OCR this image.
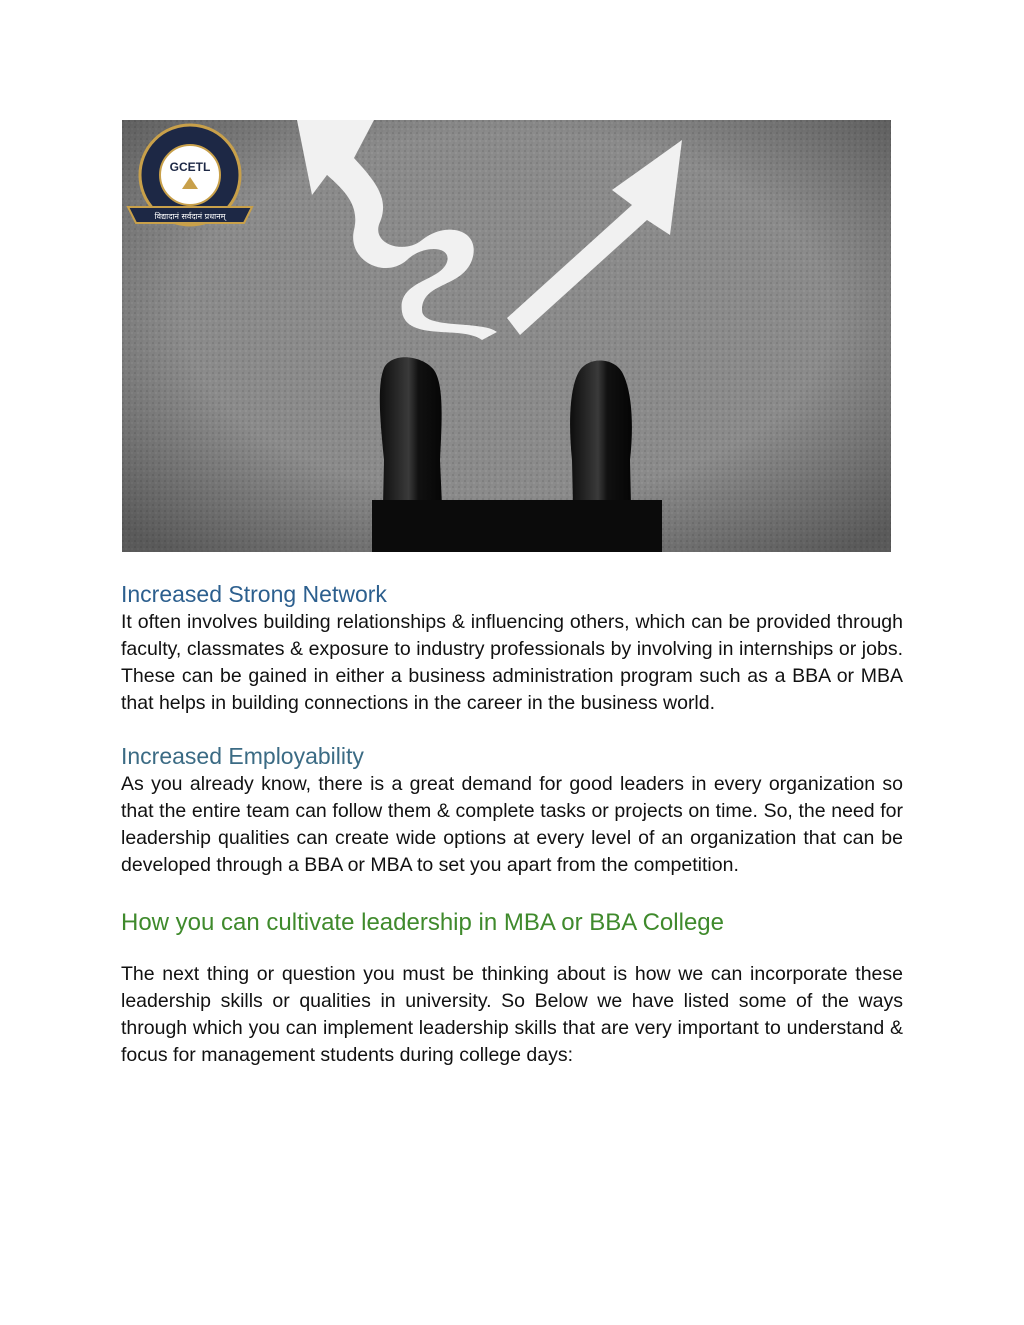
GCETL
विद्यादानं सर्वदानं प्रधानम्
Increased Strong Network

It often involves building relationships & influencing others, which can be provided through faculty, classmates & exposure to industry professionals by involving in internships or jobs. These can be gained in either a business administration program such as a BBA or MBA that helps in building connections in the career in the business world.

Increased Employability

As you already know, there is a great demand for good leaders in every organization so that the entire team can follow them & complete tasks or projects on time. So, the need for leadership qualities can create wide options at every level of an organization that can be developed through a BBA or MBA to set you apart from the competition.

How you can cultivate leadership in MBA or BBA College

The next thing or question you must be thinking about is how we can incorporate these leadership skills or qualities in university. So Below we have listed some of the ways through which you can implement leadership skills that are very important to understand & focus for management students during college days:
